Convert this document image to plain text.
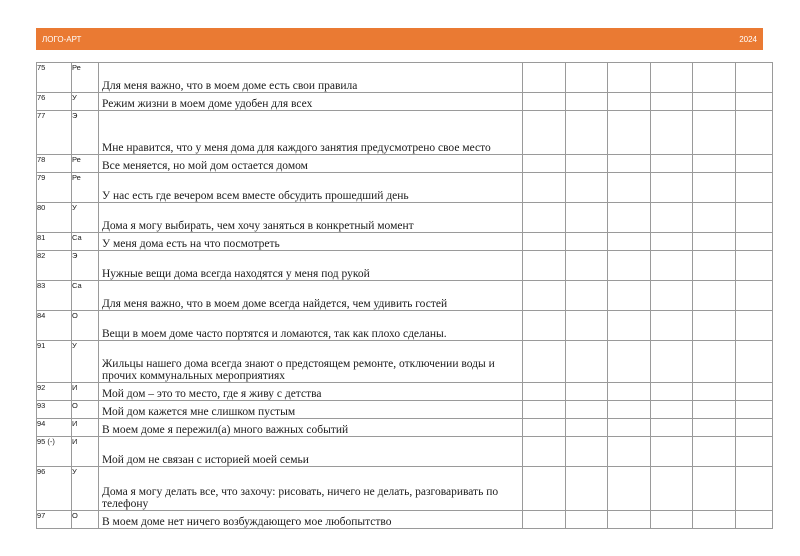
ЛОГО-АРТ	2024
75	Ре	Для меня важно, что в моем доме есть свои правила						

76	У	Режим жизни в моем доме удобен для всех						

77	Э	Мне нравится, что у меня дома для каждого занятия предусмотрено свое место						

78	Ре	Все меняется, но мой дом остается домом						

79	Ре	У нас есть где вечером всем вместе обсудить прошедший день						

80	У	Дома я могу выбирать, чем хочу заняться в конкретный момент						

81	Са	У меня дома есть на что посмотреть						

82	Э	Нужные вещи дома всегда находятся у меня под рукой						

83	Са	Для меня важно, что в моем доме всегда найдется, чем удивить гостей						

84	О	Вещи в моем доме часто портятся и ломаются, так как плохо сделаны.						

91	У	Жильцы нашего дома всегда знают о предстоящем ремонте, отключении воды и прочих коммунальных мероприятиях						

92	И	Мой дом – это то место, где я живу с детства						

93	О	Мой дом кажется мне слишком пустым						

94	И	В моем доме я пережил(а) много важных событий						

95 (-)	И	Мой дом не связан с историей моей семьи						

96	У	Дома я могу делать все, что захочу: рисовать, ничего не делать, разговаривать по телефону						

97	О	В моем доме нет ничего возбуждающего мое любопытство						
